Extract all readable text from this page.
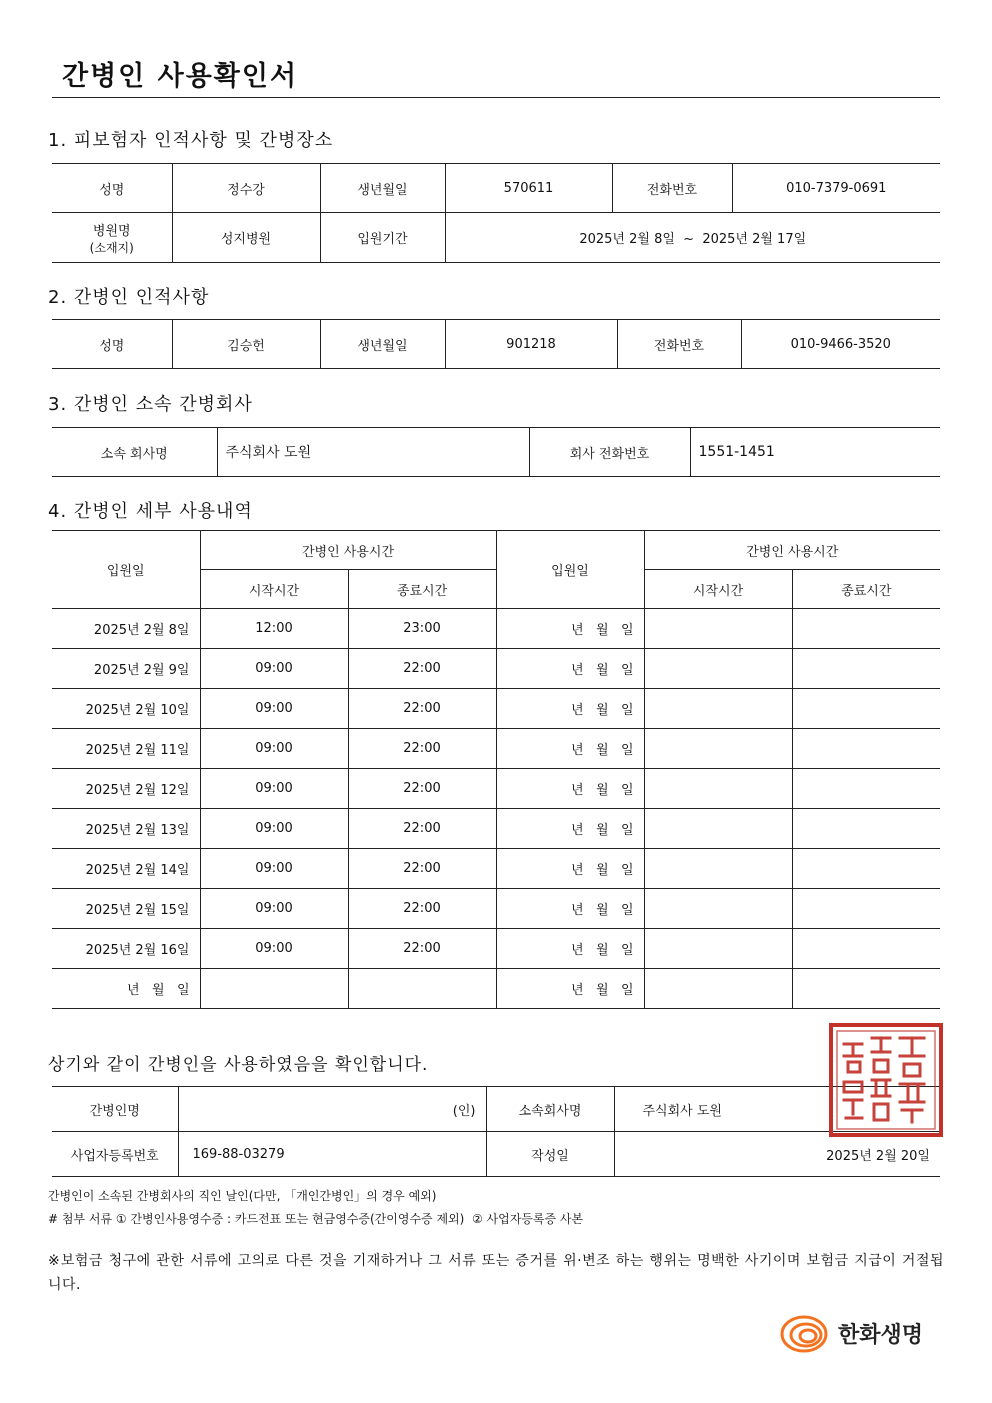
간병인 사용확인서
1. 피보험자 인적사항 및 간병장소
성명	정수강	생년월일	570611	전화번호	010-7379-0691

병원명
(소재지)	성지병원	입원기간	2025년 2월 8일  ~  2025년 2월 17일		
2. 간병인 인적사항
성명	김승헌	생년월일	901218	전화번호	010-9466-3520
3. 간병인 소속 간병회사
소속 회사명	주식회사 도원	회사 전화번호	1551-1451
4. 간병인 세부 사용내역
입원일	간병인 사용시간		입원일	간병인 사용시간	
	시작시간	종료시간		시작시간	종료시간
2025년 2월 8일	12:00	23:00	년   월   일		
2025년 2월 9일	09:00	22:00	년   월   일		
2025년 2월 10일	09:00	22:00	년   월   일		
2025년 2월 11일	09:00	22:00	년   월   일		
2025년 2월 12일	09:00	22:00	년   월   일		
2025년 2월 13일	09:00	22:00	년   월   일		
2025년 2월 14일	09:00	22:00	년   월   일		
2025년 2월 15일	09:00	22:00	년   월   일		
2025년 2월 16일	09:00	22:00	년   월   일		
년   월   일			년   월   일		
상기와 같이 간병인을 사용하였음을 확인합니다.
간병인명	(인)	소속회사명	주식회사 도원
사업자등록번호	169-88-03279	작성일	2025년 2월 20일
간병인이 소속된 간병회사의 직인 날인(다만, 「개인간병인」의 경우 예외)
# 첨부 서류 ① 간병인사용영수증 : 카드전표 또는 현금영수증(간이영수증 제외)  ② 사업자등록증 사본
※보험금 청구에 관한 서류에 고의로 다른 것을 기재하거나 그 서류 또는 증거를 위·변조 하는 행위는 명백한 사기이며 보험금 지급이 거절됩니다.
한화생명
